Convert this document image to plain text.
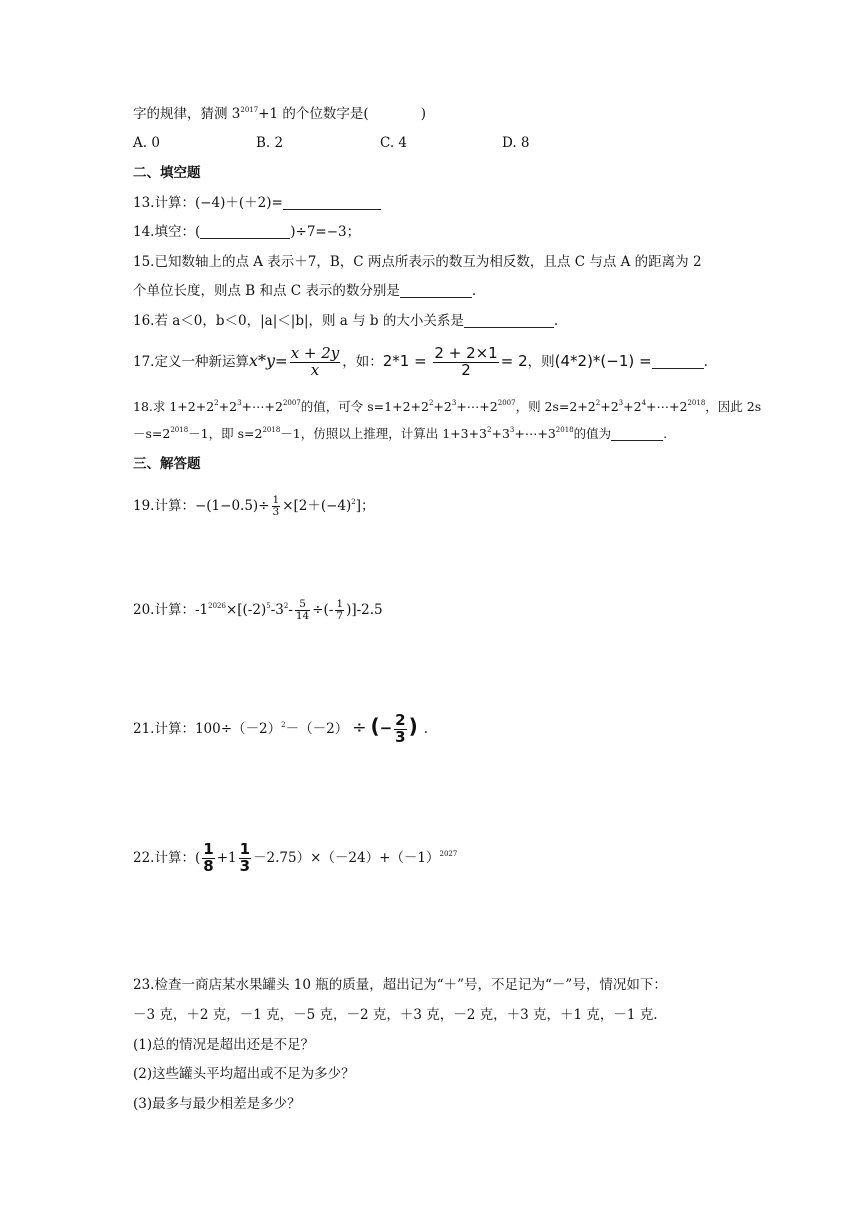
字的规律，猜测 $3^{2017}+1$ 的个位数字是(	)
A. 0	B. 2	C. 4	D. 8
二、填空题
13.计算：(−4)＋(＋2)=
14.填空：(	)÷7=−3；
15.已知数轴上的点 A 表示＋7，B，C 两点所表示的数互为相反数，且点 C 与点 A 的距离为 2
个单位长度，则点 B 和点 C 表示的数分别是	.
16.若 a＜0，b＜0，|a|＜|b|，则 a 与 b 的大小关系是	.
17.定义一种新运算$x*y= \frac{x + 2y}{x}$ ，如：$2*1 = \frac{2 + 2\times 1}{2} = 2$，则(4*2)*(−1) =	.
18.求 $1+2+2^2+2^3+\cdots+2^{2007}$的值，可令 $s=1+2+2^2+2^3+\cdots+2^{2007}$，则 $2s=2+2^2+2^3+2^4+\cdots+2^{2018}$，因此 2s
$-s=2^{2018}-1$，即 $s=2^{2018}-1$，仿照以上推理，计算出 $1+3+3^2+3^3+\cdots+3^{2018}$的值为	.
三、解答题
19.计算：$-(1-0.5)\div \frac{1}{3} \times[2+(-4)^2]$；
20.计算：$-1^{2026}\times[(-2)^5-3^2- \frac{5}{14}$ ÷(- $\frac{1}{7} )]-2.5$
21.计算：$100\div(-2)^2-(-2)$ ÷ (− $\frac{2}{3}$ ) .
22.计算：( $\frac{1}{8} +1 \frac{1}{3} -2.75)\times(-24)+(-1)^{2027}$
23.检查一商店某水果罐头 10 瓶的质量，超出记为“＋”号，不足记为“－”号，情况如下：
－3 克，＋2 克，－1 克，－5 克，－2 克，＋3 克，－2 克，＋3 克，＋1 克，－1 克.
(1)总的情况是超出还是不足？
(2)这些罐头平均超出或不足为多少？
(3)最多与最少相差是多少？
